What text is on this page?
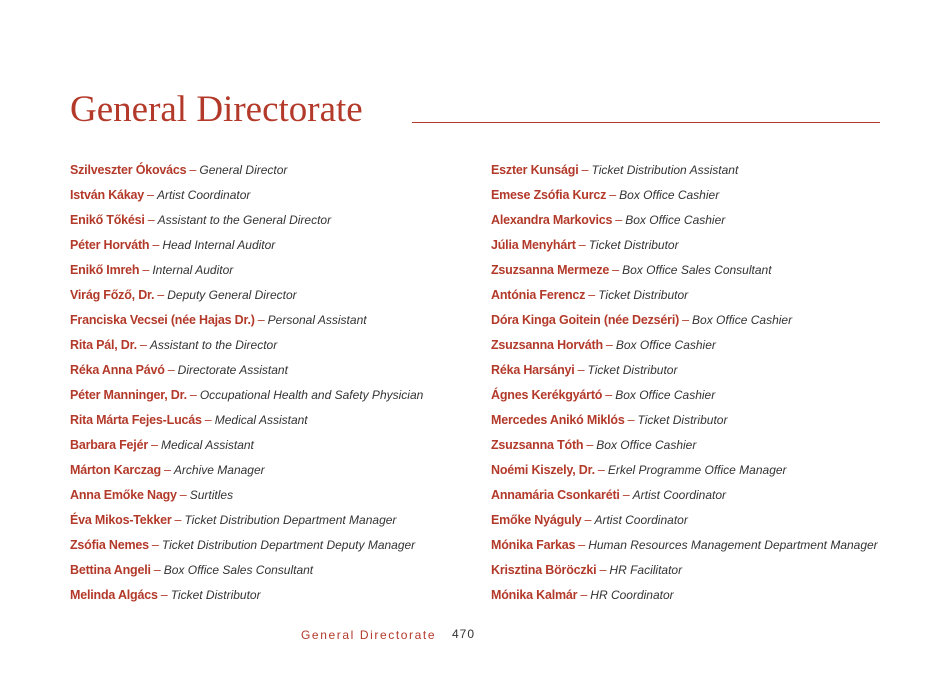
General Directorate
Szilveszter Ókovács – General Director
István Kákay – Artist Coordinator
Enikő Tőkési – Assistant to the General Director
Péter Horváth – Head Internal Auditor
Enikő Imreh – Internal Auditor
Virág Főző, Dr. – Deputy General Director
Franciska Vecsei (née Hajas Dr.) – Personal Assistant
Rita Pál, Dr. – Assistant to the Director
Réka Anna Pávó – Directorate Assistant
Péter Manninger, Dr. – Occupational Health and Safety Physician
Rita Márta Fejes-Lucás – Medical Assistant
Barbara Fejér – Medical Assistant
Márton Karczag – Archive Manager
Anna Emőke Nagy – Surtitles
Éva Mikos-Tekker – Ticket Distribution Department Manager
Zsófia Nemes – Ticket Distribution Department Deputy Manager
Bettina Angeli – Box Office Sales Consultant
Melinda Algács – Ticket Distributor
Eszter Kunsági – Ticket Distribution Assistant
Emese Zsófia Kurcz – Box Office Cashier
Alexandra Markovics – Box Office Cashier
Júlia Menyhárt – Ticket Distributor
Zsuzsanna Mermeze – Box Office Sales Consultant
Antónia Ferencz – Ticket Distributor
Dóra Kinga Goitein (née Dezséri) – Box Office Cashier
Zsuzsanna Horváth – Box Office Cashier
Réka Harsányi – Ticket Distributor
Ágnes Kerékgyártó – Box Office Cashier
Mercedes Anikó Miklós – Ticket Distributor
Zsuzsanna Tóth – Box Office Cashier
Noémi Kiszely, Dr. – Erkel Programme Office Manager
Annamária Csonkaréti – Artist Coordinator
Emőke Nyáguly – Artist Coordinator
Mónika Farkas – Human Resources Management Department Manager
Krisztina Böröczki – HR Facilitator
Mónika Kalmár – HR Coordinator
General Directorate 470
